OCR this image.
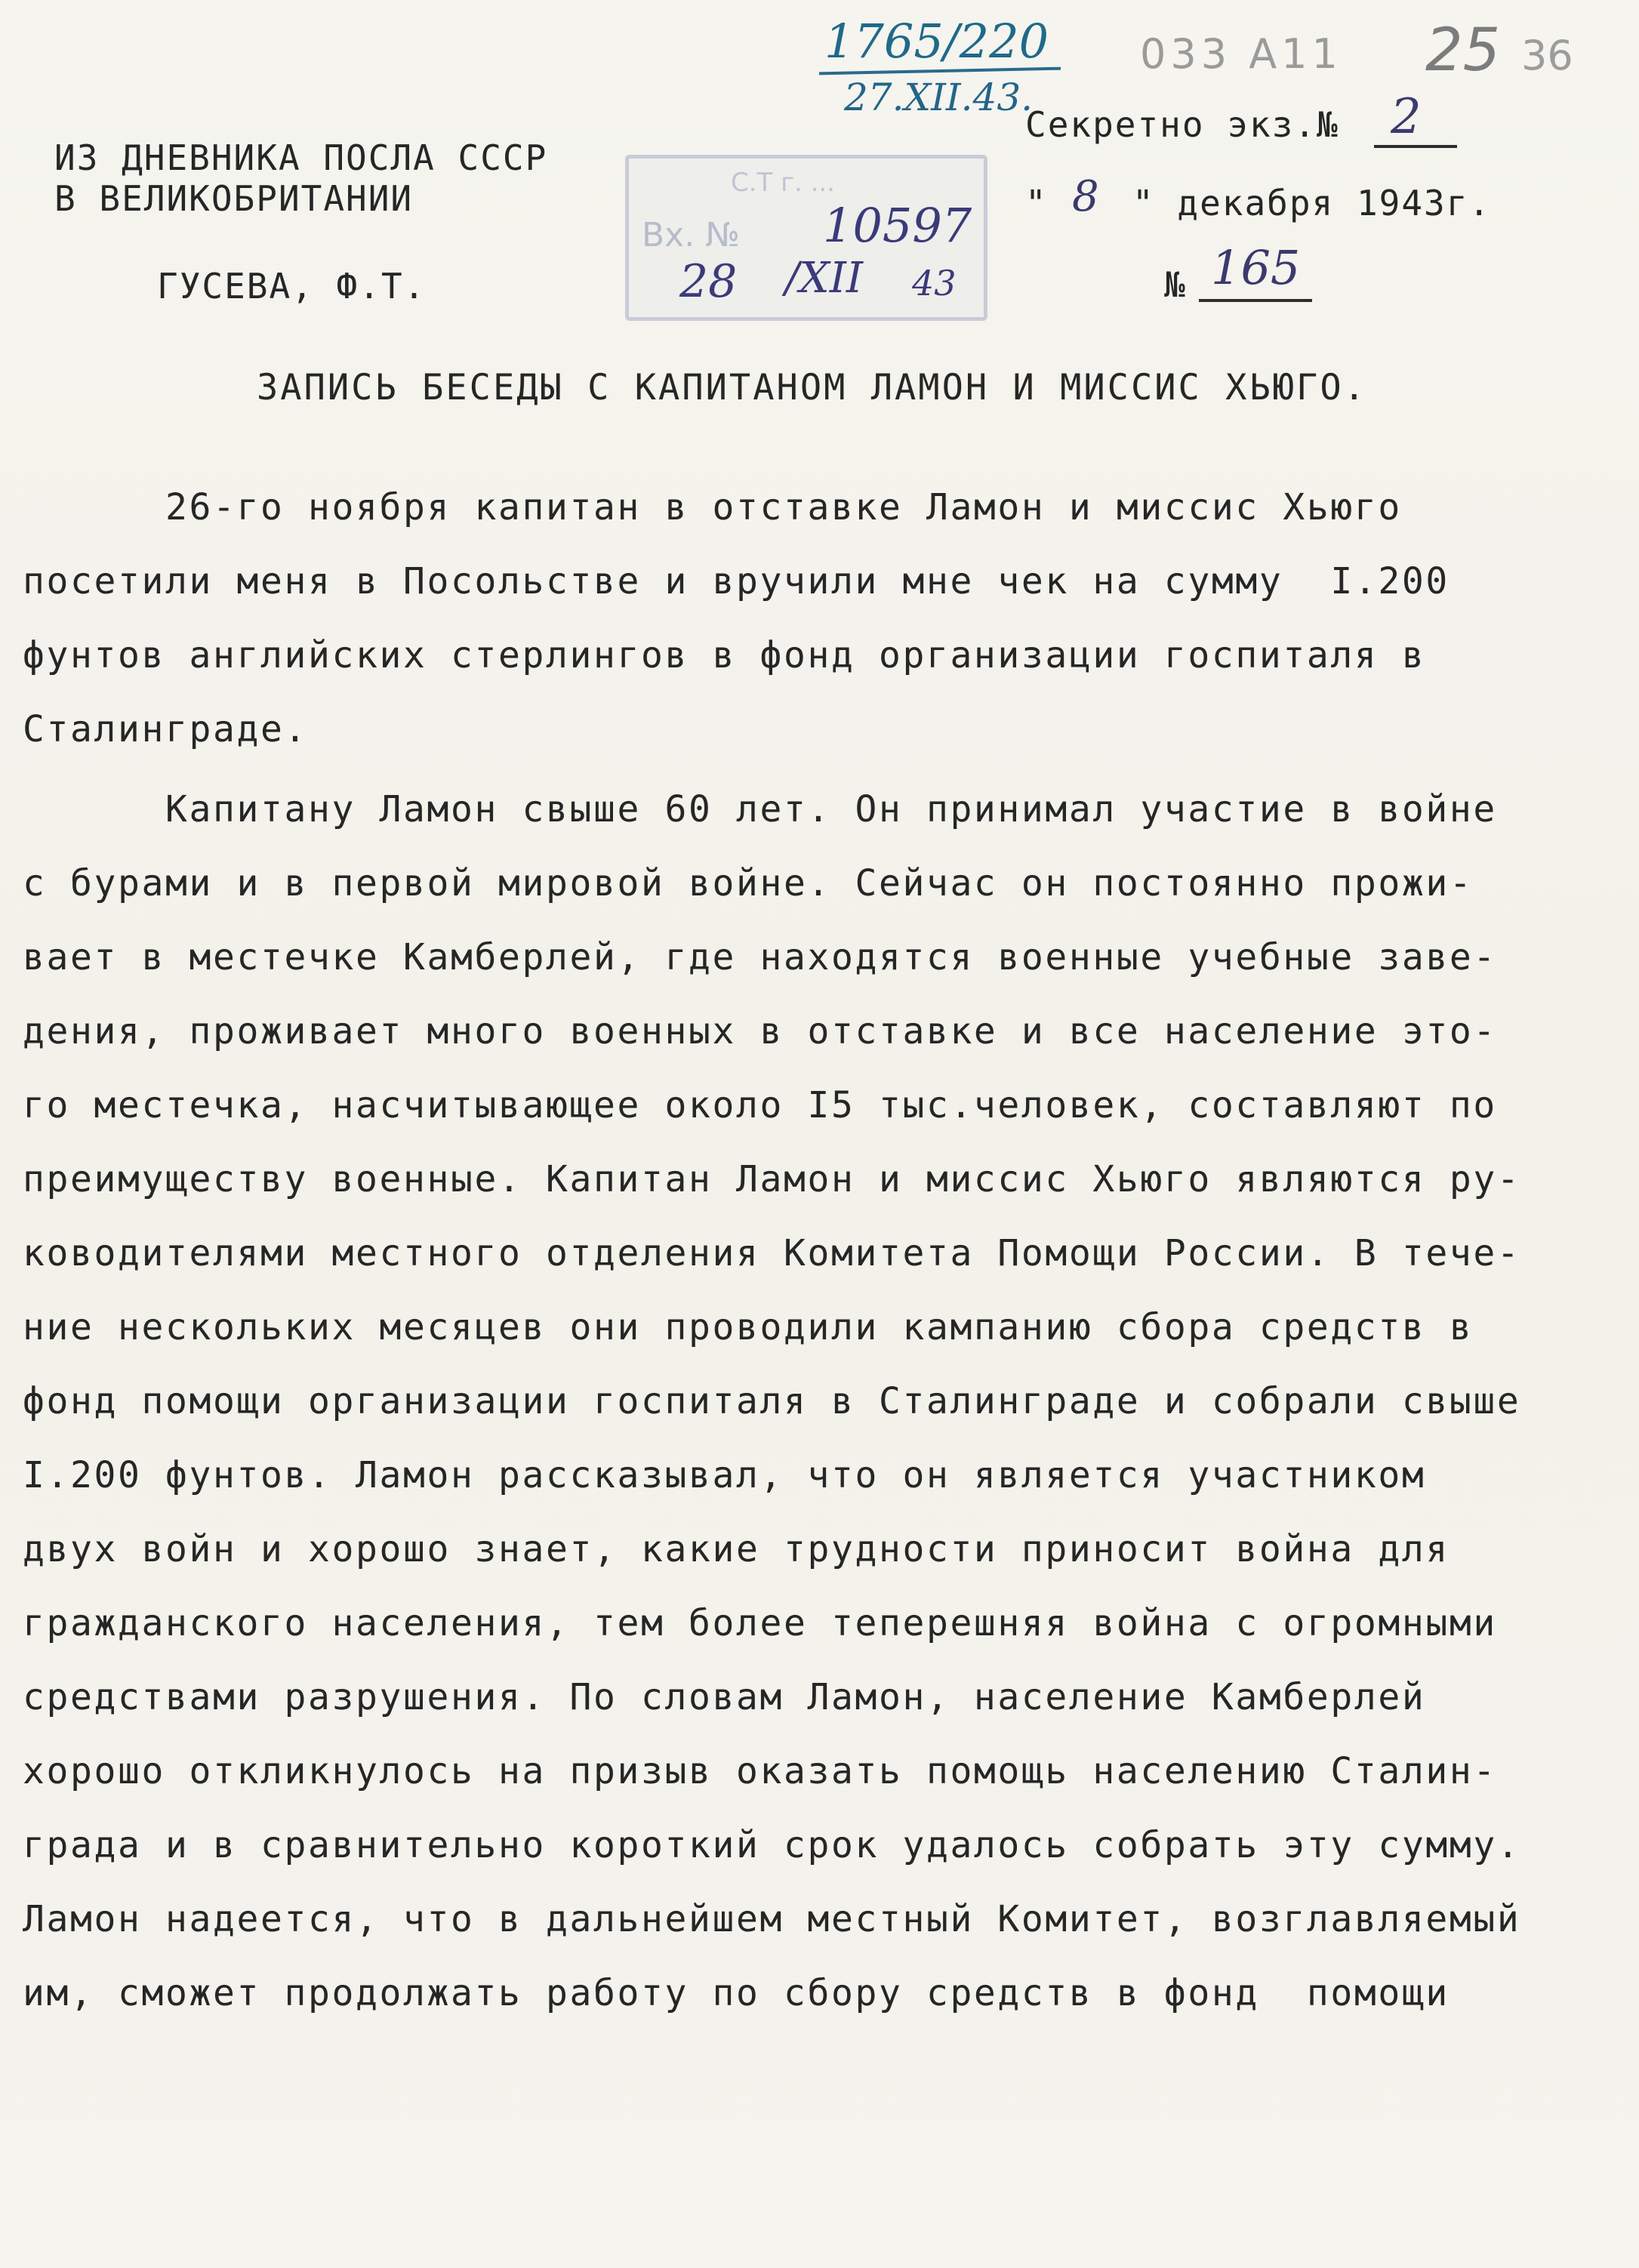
1765/220
27.XII.43.
033 A11 25 36
ИЗ ДНЕВНИКА ПОСЛА СССР
В ВЕЛИКОБРИТАНИИ
ГУСЕВА, Ф.Т.
Секретно экз.№ 2
" 8 " декабря 1943г.
№ 165
С.Т г. ...
Вх. № 10597
28 /XII 43
ЗАПИСЬ БЕСЕДЫ С КАПИТАНОМ ЛАМОН И МИССИС ХЬЮГО.
26-го ноября капитан в отставке Ламон и миссис Хьюго
посетили меня в Посольстве и вручили мне чек на сумму  I.200
фунтов английских стерлингов в фонд организации госпиталя в
Сталинграде.
Капитану Ламон свыше 60 лет. Он принимал участие в войне
с бурами и в первой мировой войне. Сейчас он постоянно прожи-
вает в местечке Камберлей, где находятся военные учебные заве-
дения, проживает много военных в отставке и все население это-
го местечка, насчитывающее около I5 тыс.человек, составляют по
преимуществу военные. Капитан Ламон и миссис Хьюго являются ру-
ководителями местного отделения Комитета Помощи России. В тече-
ние нескольких месяцев они проводили кампанию сбора средств в
фонд помощи организации госпиталя в Сталинграде и собрали свыше
I.200 фунтов. Ламон рассказывал, что он является участником
двух войн и хорошо знает, какие трудности приносит война для
гражданского населения, тем более теперешняя война с огромными
средствами разрушения. По словам Ламон, население Камберлей
хорошо откликнулось на призыв оказать помощь населению Сталин-
града и в сравнительно короткий срок удалось собрать эту сумму.
Ламон надеется, что в дальнейшем местный Комитет, возглавляемый
им, сможет продолжать работу по сбору средств в фонд  помощи
